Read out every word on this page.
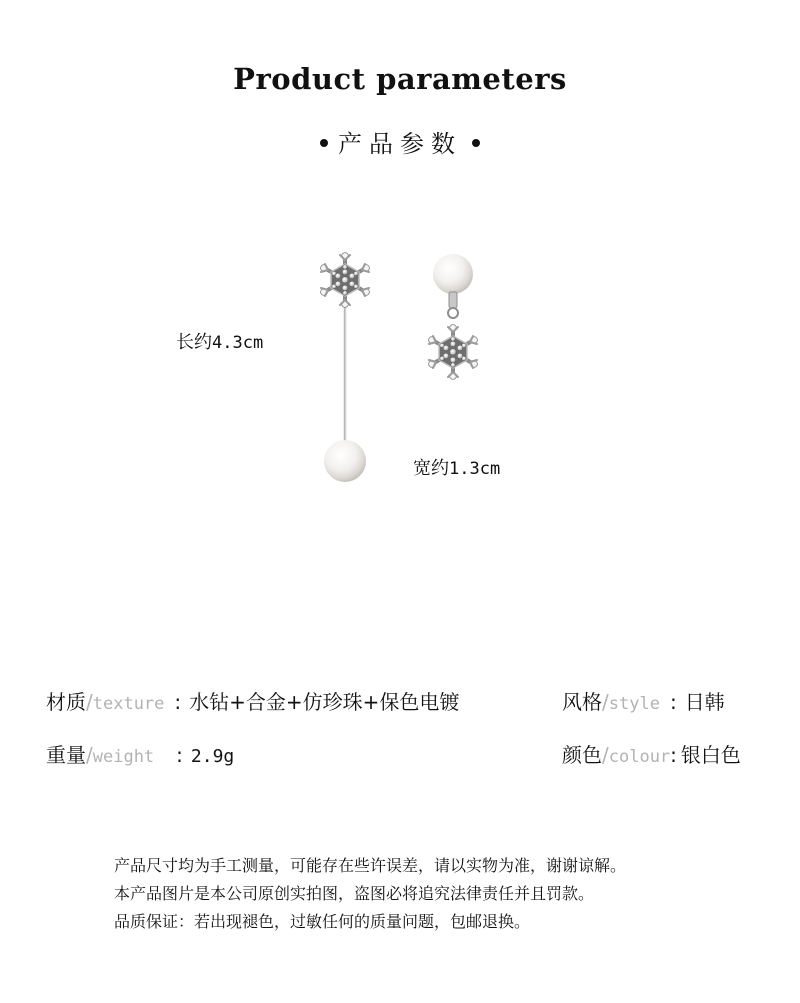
Product parameters
产品参数
长约4.3cm
宽约1.3cm
材质/texture : 水钻+合金+仿珍珠+保色电镀	风格/style : 日韩
重量/weight : 2.9g	颜色/colour: 银白色
产品尺寸均为手工测量，可能存在些许误差，请以实物为准，谢谢谅解。
本产品图片是本公司原创实拍图，盗图必将追究法律责任并且罚款。
品质保证：若出现褪色，过敏任何的质量问题，包邮退换。
